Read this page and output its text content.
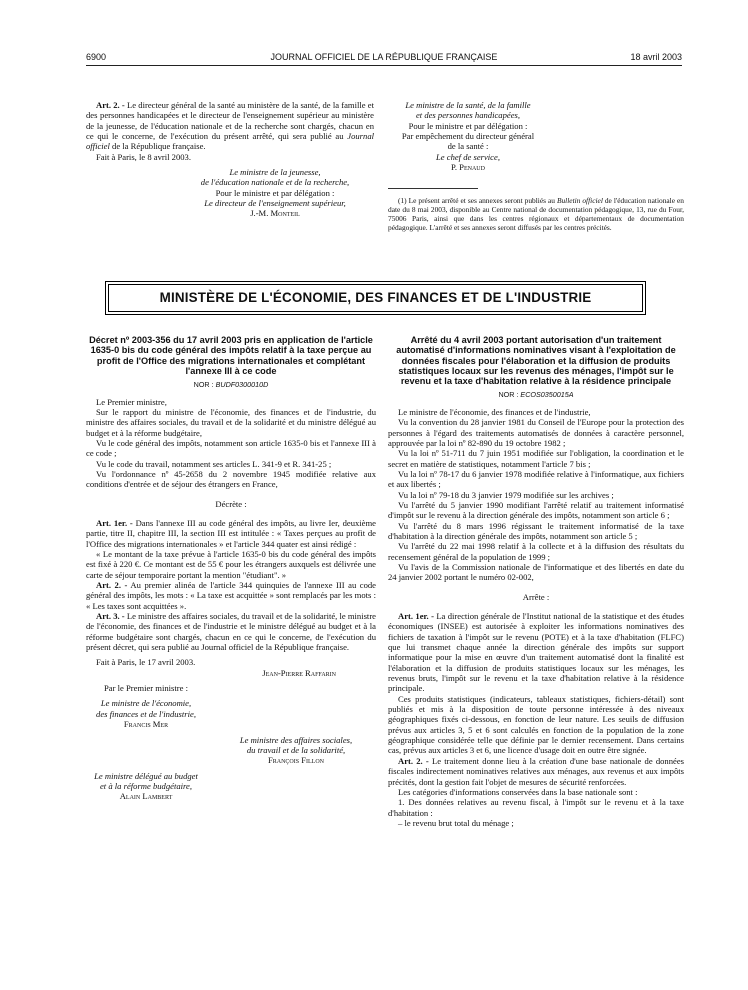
6900	JOURNAL OFFICIEL DE LA RÉPUBLIQUE FRANÇAISE	18 avril 2003

Art. 2. - Le directeur général de la santé au ministère de la santé, de la famille et des personnes handicapées et le directeur de l'enseignement supérieur au ministère de la jeunesse, de l'éducation nationale et de la recherche sont chargés, chacun en ce qui le concerne, de l'exécution du présent arrêté, qui sera publié au Journal officiel de la République française.

Fait à Paris, le 8 avril 2003.

Le ministre de la jeunesse,
de l'éducation nationale et de la recherche,
Pour le ministre et par délégation :
Le directeur de l'enseignement supérieur,
J.-M. Monteil
Le ministre de la santé, de la famille
et des personnes handicapées,
Pour le ministre et par délégation :
Par empêchement du directeur général
de la santé :
Le chef de service,
P. Penaud

(1) Le présent arrêté et ses annexes seront publiés au Bulletin officiel de l'éducation nationale en date du 8 mai 2003, disponible au Centre national de documentation pédagogique, 13, rue du Four, 75006 Paris, ainsi que dans les centres régionaux et départementaux de documentation pédagogique. L'arrêté et ses annexes seront diffusés par les centres précités.

MINISTÈRE DE L'ÉCONOMIE, DES FINANCES ET DE L'INDUSTRIE
Décret nº 2003-356 du 17 avril 2003 pris en application de l'article 1635-0 bis du code général des impôts relatif à la taxe perçue au profit de l'Office des migrations internationales et complétant l'annexe III à ce code
NOR : BUDF0300010D

Le Premier ministre,

Sur le rapport du ministre de l'économie, des finances et de l'industrie, du ministre des affaires sociales, du travail et de la solidarité et du ministre délégué au budget et à la réforme budgétaire,

Vu le code général des impôts, notamment son article 1635-0 bis et l'annexe III à ce code ;

Vu le code du travail, notamment ses articles L. 341-9 et R. 341-25 ;

Vu l'ordonnance nº 45-2658 du 2 novembre 1945 modifiée relative aux conditions d'entrée et de séjour des étrangers en France,

Décrète :

Art. 1er. - Dans l'annexe III au code général des impôts, au livre Ier, deuxième partie, titre II, chapitre III, la section III est intitulée : « Taxes perçues au profit de l'Office des migrations internationales » et l'article 344 quater est ainsi rédigé :

« Le montant de la taxe prévue à l'article 1635-0 bis du code général des impôts est fixé à 220 €. Ce montant est de 55 € pour les étrangers auxquels est délivrée une carte de séjour temporaire portant la mention "étudiant". »

Art. 2. - Au premier alinéa de l'article 344 quinquies de l'annexe III au code général des impôts, les mots : « La taxe est acquittée » sont remplacés par les mots : « Les taxes sont acquittées ».

Art. 3. - Le ministre des affaires sociales, du travail et de la solidarité, le ministre de l'économie, des finances et de l'industrie et le ministre délégué au budget et à la réforme budgétaire sont chargés, chacun en ce qui le concerne, de l'exécution du présent décret, qui sera publié au Journal officiel de la République française.

Fait à Paris, le 17 avril 2003.

Jean-Pierre Raffarin
Par le Premier ministre :
Le ministre de l'économie,
des finances et de l'industrie,
Francis Mer
Le ministre des affaires sociales,
du travail et de la solidarité,
François Fillon
Le ministre délégué au budget
et à la réforme budgétaire,
Alain Lambert
Arrêté du 4 avril 2003 portant autorisation d'un traitement automatisé d'informations nominatives visant à l'exploitation de données fiscales pour l'élaboration et la diffusion de produits statistiques locaux sur les revenus des ménages, l'impôt sur le revenu et la taxe d'habitation relative à la résidence principale
NOR : ECOS0350015A

Le ministre de l'économie, des finances et de l'industrie,

Vu la convention du 28 janvier 1981 du Conseil de l'Europe pour la protection des personnes à l'égard des traitements automatisés de données à caractère personnel, approuvée par la loi nº 82-890 du 19 octobre 1982 ;

Vu la loi nº 51-711 du 7 juin 1951 modifiée sur l'obligation, la coordination et le secret en matière de statistiques, notamment l'article 7 bis ;

Vu la loi nº 78-17 du 6 janvier 1978 modifiée relative à l'informatique, aux fichiers et aux libertés ;

Vu la loi nº 79-18 du 3 janvier 1979 modifiée sur les archives ;

Vu l'arrêté du 5 janvier 1990 modifiant l'arrêté relatif au traitement informatisé d'impôt sur le revenu à la direction générale des impôts, notamment son article 6 ;

Vu l'arrêté du 8 mars 1996 régissant le traitement informatisé de la taxe d'habitation à la direction générale des impôts, notamment son article 5 ;

Vu l'arrêté du 22 mai 1998 relatif à la collecte et à la diffusion des résultats du recensement général de la population de 1999 ;

Vu l'avis de la Commission nationale de l'informatique et des libertés en date du 24 janvier 2002 portant le numéro 02-002,

Arrête :

Art. 1er. - La direction générale de l'Institut national de la statistique et des études économiques (INSEE) est autorisée à exploiter les informations nominatives des fichiers de taxation à l'impôt sur le revenu (POTE) et à la taxe d'habitation (FLFC) que lui transmet chaque année la direction générale des impôts sur support informatique pour la mise en œuvre d'un traitement automatisé dont la finalité est l'élaboration et la diffusion de produits statistiques locaux sur les ménages, les revenus bruts, l'impôt sur le revenu et la taxe d'habitation relative à la résidence principale.

Ces produits statistiques (indicateurs, tableaux statistiques, fichiers-détail) sont publiés et mis à la disposition de toute personne intéressée à des niveaux géographiques fixés ci-dessous, en fonction de leur nature. Les seuils de diffusion prévus aux articles 3, 5 et 6 sont calculés en fonction de la population de la zone géographique considérée telle que définie par le dernier recensement. Dans certains cas, prévus aux articles 3 et 6, une licence d'usage doit en outre être signée.

Art. 2. - Le traitement donne lieu à la création d'une base nationale de données fiscales indirectement nominatives relatives aux ménages, aux revenus et aux impôts précités, dont la gestion fait l'objet de mesures de sécurité renforcées.

Les catégories d'informations conservées dans la base nationale sont :

1. Des données relatives au revenu fiscal, à l'impôt sur le revenu et à la taxe d'habitation :

– le revenu brut total du ménage ;
